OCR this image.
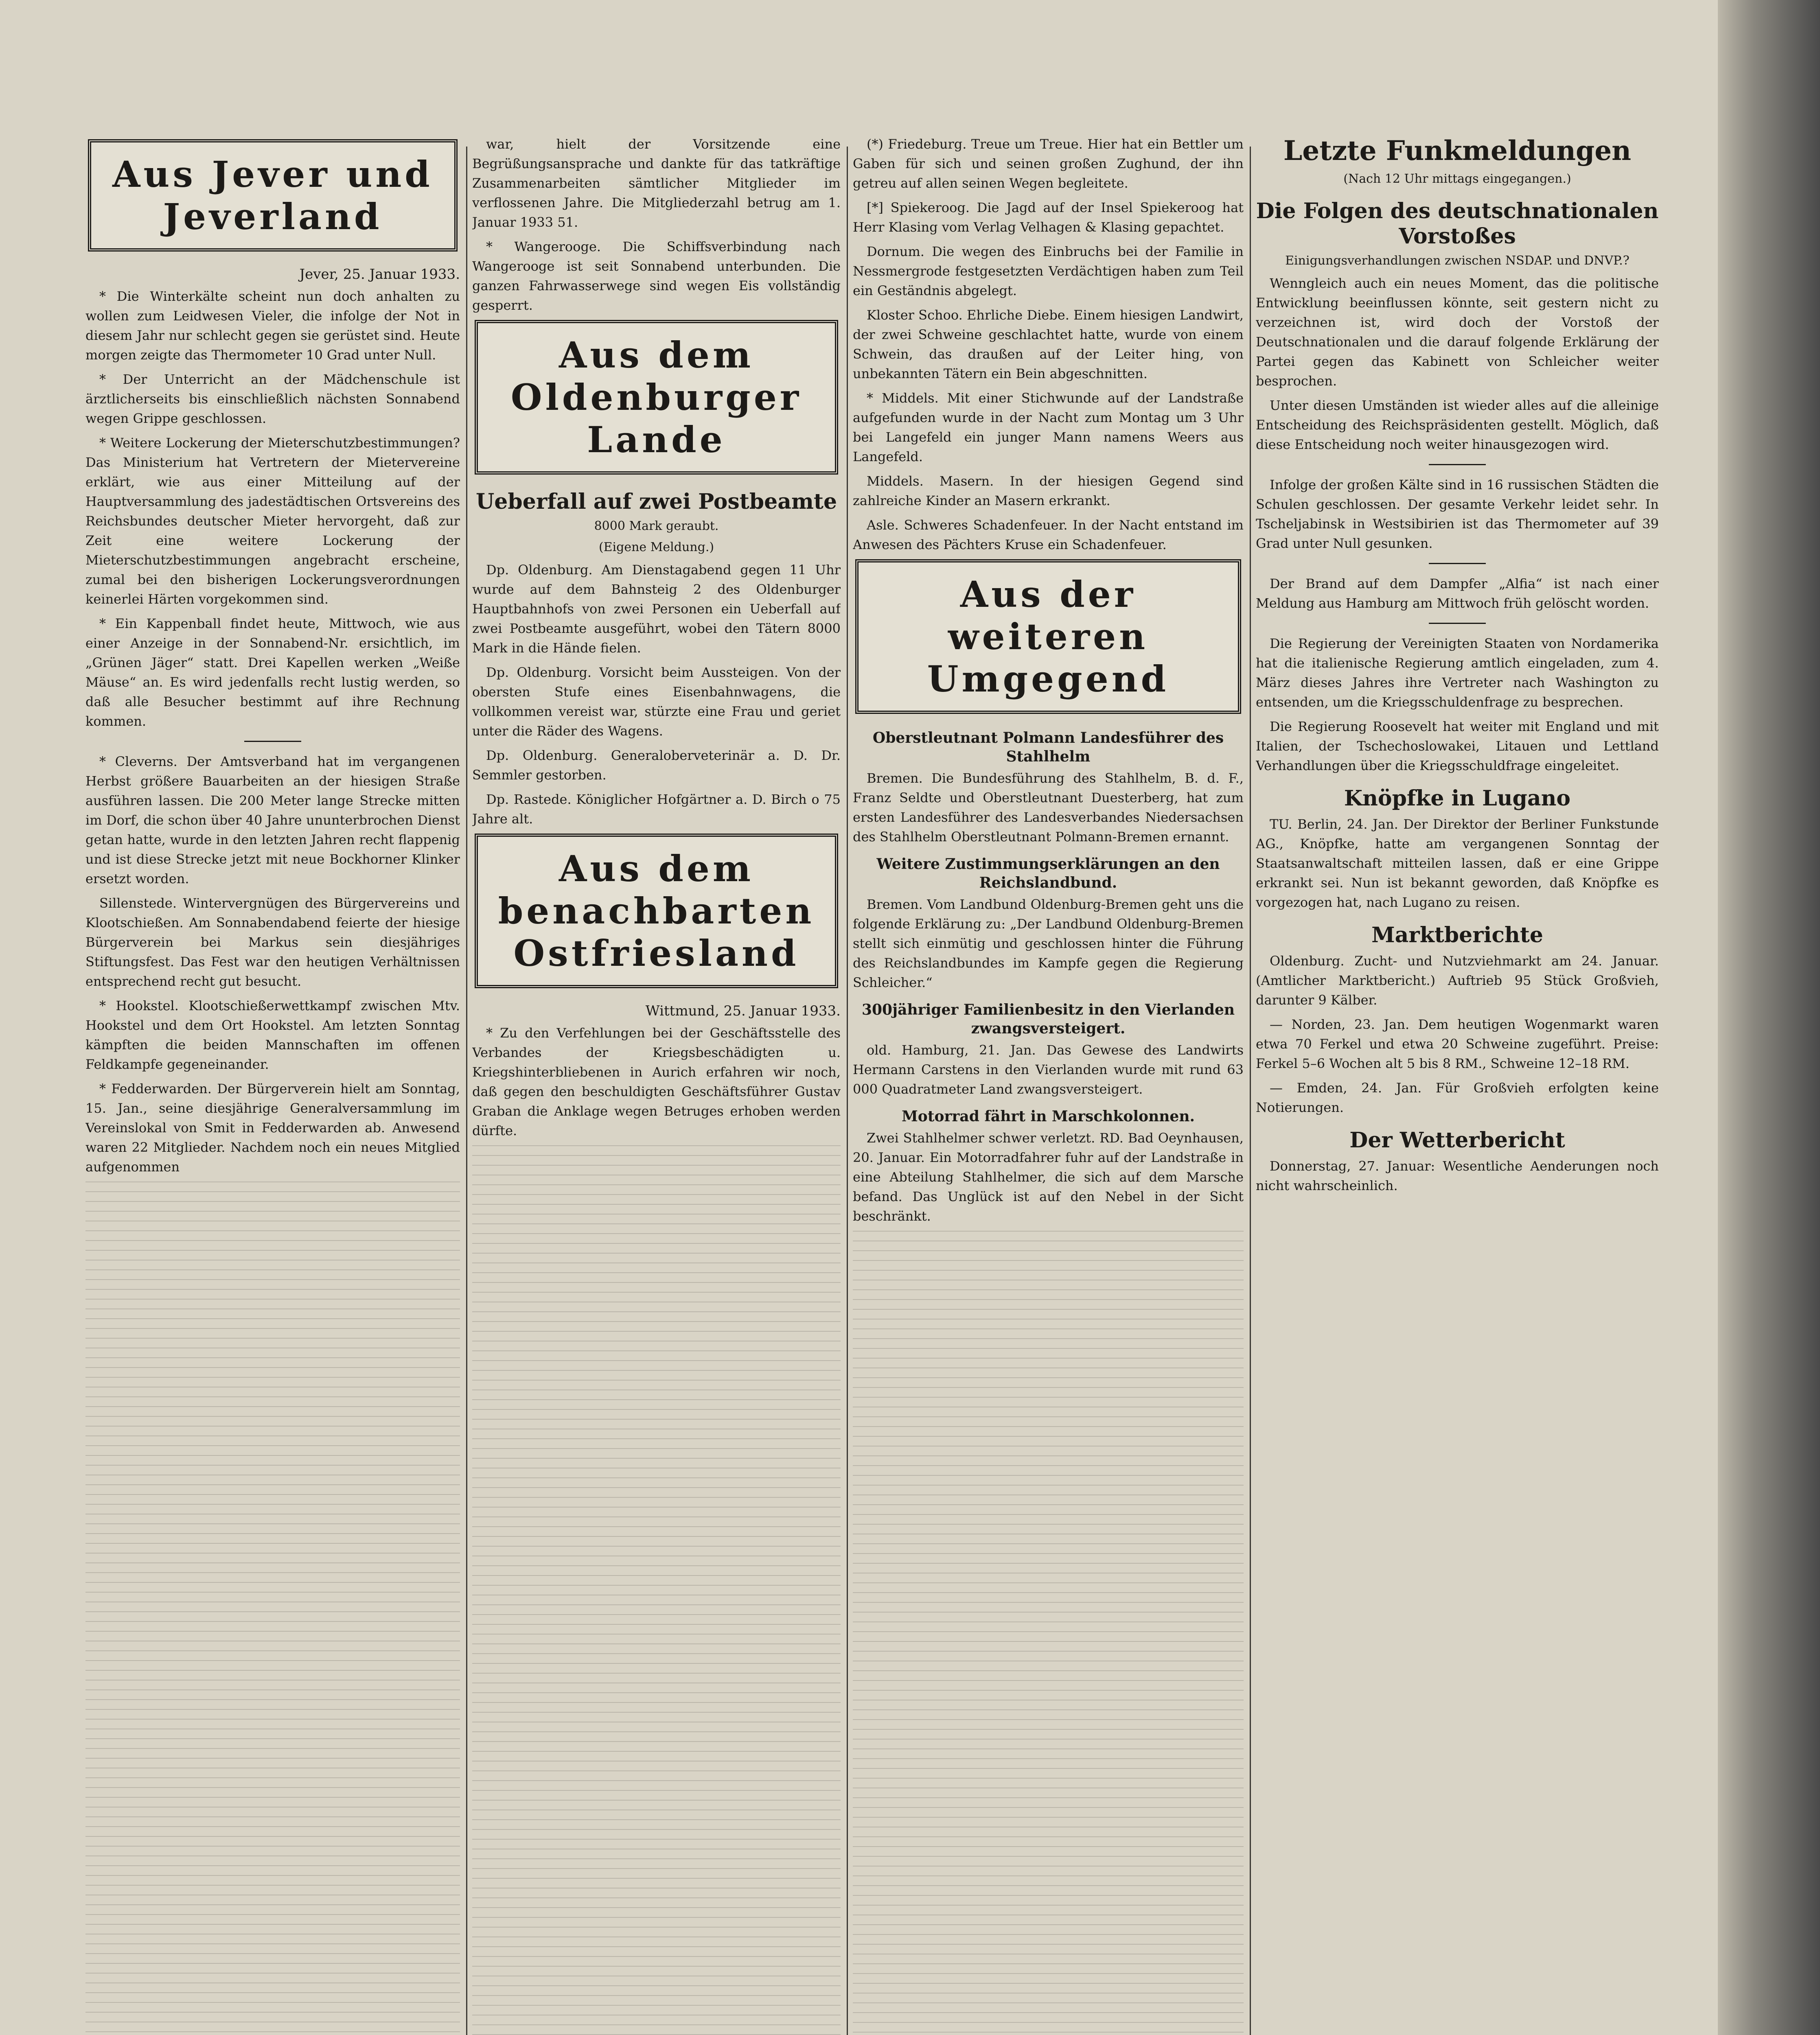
Aus Jever und Jeverland
Jever, 25. Januar 1933.

* Die Winterkälte scheint nun doch anhalten zu wollen zum Leidwesen Vieler, die infolge der Not in diesem Jahr nur schlecht gegen sie gerüstet sind. Heute morgen zeigte das Thermometer 10 Grad unter Null.

* Der Unterricht an der Mädchenschule ist ärztlicherseits bis einschließlich nächsten Sonnabend wegen Grippe geschlossen.

* Weitere Lockerung der Mieterschutzbestimmungen? Das Ministerium hat Vertretern der Mietervereine erklärt, wie aus einer Mitteilung auf der Hauptversammlung des jadestädtischen Ortsvereins des Reichsbundes deutscher Mieter hervorgeht, daß zur Zeit eine weitere Lockerung der Mieterschutzbestimmungen angebracht erscheine, zumal bei den bisherigen Lockerungsverordnungen keinerlei Härten vorgekommen sind.

* Ein Kappenball findet heute, Mittwoch, wie aus einer Anzeige in der Sonnabend-Nr. ersichtlich, im „Grünen Jäger“ statt. Drei Kapellen werken „Weiße Mäuse“ an. Es wird jedenfalls recht lustig werden, so daß alle Besucher bestimmt auf ihre Rechnung kommen.

* Cleverns. Der Amtsverband hat im vergangenen Herbst größere Bauarbeiten an der hiesigen Straße ausführen lassen. Die 200 Meter lange Strecke mitten im Dorf, die schon über 40 Jahre ununterbrochen Dienst getan hatte, wurde in den letzten Jahren recht flappenig und ist diese Strecke jetzt mit neue Bockhorner Klinker ersetzt worden.

Sillenstede. Wintervergnügen des Bürgervereins und Klootschießen. Am Sonnabendabend feierte der hiesige Bürgerverein bei Markus sein diesjähriges Stiftungsfest. Das Fest war den heutigen Verhältnissen entsprechend recht gut besucht.

* Hookstel. Klootschießerwettkampf zwischen Mtv. Hookstel und dem Ort Hookstel. Am letzten Sonntag kämpften die beiden Mannschaften im offenen Feldkampfe gegeneinander.

* Fedderwarden. Der Bürgerverein hielt am Sonntag, 15. Jan., seine diesjährige Generalversammlung im Vereinslokal von Smit in Fedderwarden ab. Anwesend waren 22 Mitglieder. Nachdem noch ein neues Mitglied aufgenommen

war, hielt der Vorsitzende eine Begrüßungsansprache und dankte für das tatkräftige Zusammenarbeiten sämtlicher Mitglieder im verflossenen Jahre. Die Mitgliederzahl betrug am 1. Januar 1933 51.

* Wangerooge. Die Schiffsverbindung nach Wangerooge ist seit Sonnabend unterbunden. Die ganzen Fahrwasserwege sind wegen Eis vollständig gesperrt.

Aus dem Oldenburger Lande
Ueberfall auf zwei Postbeamte
8000 Mark geraubt.
(Eigene Meldung.)

Dp. Oldenburg. Am Dienstagabend gegen 11 Uhr wurde auf dem Bahnsteig 2 des Oldenburger Hauptbahnhofs von zwei Personen ein Ueberfall auf zwei Postbeamte ausgeführt, wobei den Tätern 8000 Mark in die Hände fielen.

Dp. Oldenburg. Vorsicht beim Aussteigen. Von der obersten Stufe eines Eisenbahnwagens, die vollkommen vereist war, stürzte eine Frau und geriet unter die Räder des Wagens.

Dp. Oldenburg. Generaloberveterinär a. D. Dr. Semmler gestorben.

Dp. Rastede. Königlicher Hofgärtner a. D. Birch o 75 Jahre alt.

Aus dem benachbarten Ostfriesland
Wittmund, 25. Januar 1933.

* Zu den Verfehlungen bei der Geschäftsstelle des Verbandes der Kriegsbeschädigten u. Kriegshinterbliebenen in Aurich erfahren wir noch, daß gegen den beschuldigten Geschäftsführer Gustav Graban die Anklage wegen Betruges erhoben werden dürfte.

(*) Friedeburg. Treue um Treue. Hier hat ein Bettler um Gaben für sich und seinen großen Zughund, der ihn getreu auf allen seinen Wegen begleitete.

[*] Spiekeroog. Die Jagd auf der Insel Spiekeroog hat Herr Klasing vom Verlag Velhagen & Klasing gepachtet.

Dornum. Die wegen des Einbruchs bei der Familie in Nessmergrode festgesetzten Verdächtigen haben zum Teil ein Geständnis abgelegt.

Kloster Schoo. Ehrliche Diebe. Einem hiesigen Landwirt, der zwei Schweine geschlachtet hatte, wurde von einem Schwein, das draußen auf der Leiter hing, von unbekannten Tätern ein Bein abgeschnitten.

* Middels. Mit einer Stichwunde auf der Landstraße aufgefunden wurde in der Nacht zum Montag um 3 Uhr bei Langefeld ein junger Mann namens Weers aus Langefeld.

Middels. Masern. In der hiesigen Gegend sind zahlreiche Kinder an Masern erkrankt.

Asle. Schweres Schadenfeuer. In der Nacht entstand im Anwesen des Pächters Kruse ein Schadenfeuer.

Aus der weiteren Umgegend
Oberstleutnant Polmann Landesführer des Stahlhelm

Bremen. Die Bundesführung des Stahlhelm, B. d. F., Franz Seldte und Oberstleutnant Duesterberg, hat zum ersten Landesführer des Landesverbandes Niedersachsen des Stahlhelm Oberstleutnant Polmann-Bremen ernannt.

Weitere Zustimmungserklärungen an den Reichslandbund.

Bremen. Vom Landbund Oldenburg-Bremen geht uns die folgende Erklärung zu: „Der Landbund Oldenburg-Bremen stellt sich einmütig und geschlossen hinter die Führung des Reichslandbundes im Kampfe gegen die Regierung Schleicher.“

300jähriger Familienbesitz in den Vierlanden zwangsversteigert.

old. Hamburg, 21. Jan. Das Gewese des Landwirts Hermann Carstens in den Vierlanden wurde mit rund 63 000 Quadratmeter Land zwangsversteigert.

Motorrad fährt in Marschkolonnen.

Zwei Stahlhelmer schwer verletzt. RD. Bad Oeynhausen, 20. Januar. Ein Motorradfahrer fuhr auf der Landstraße in eine Abteilung Stahlhelmer, die sich auf dem Marsche befand. Das Unglück ist auf den Nebel in der Sicht beschränkt.

Letzte Funkmeldungen
(Nach 12 Uhr mittags eingegangen.)
Die Folgen des deutschnationalen Vorstoßes
Einigungsverhandlungen zwischen NSDAP. und DNVP.?

Wenngleich auch ein neues Moment, das die politische Entwicklung beeinflussen könnte, seit gestern nicht zu verzeichnen ist, wird doch der Vorstoß der Deutschnationalen und die darauf folgende Erklärung der Partei gegen das Kabinett von Schleicher weiter besprochen.

Unter diesen Umständen ist wieder alles auf die alleinige Entscheidung des Reichspräsidenten gestellt. Möglich, daß diese Entscheidung noch weiter hinausgezogen wird.

Infolge der großen Kälte sind in 16 russischen Städten die Schulen geschlossen. Der gesamte Verkehr leidet sehr. In Tscheljabinsk in Westsibirien ist das Thermometer auf 39 Grad unter Null gesunken.

Der Brand auf dem Dampfer „Alfia“ ist nach einer Meldung aus Hamburg am Mittwoch früh gelöscht worden.

Die Regierung der Vereinigten Staaten von Nordamerika hat die italienische Regierung amtlich eingeladen, zum 4. März dieses Jahres ihre Vertreter nach Washington zu entsenden, um die Kriegsschuldenfrage zu besprechen.

Die Regierung Roosevelt hat weiter mit England und mit Italien, der Tschechoslowakei, Litauen und Lettland Verhandlungen über die Kriegsschuldfrage eingeleitet.

Knöpfke in Lugano

TU. Berlin, 24. Jan. Der Direktor der Berliner Funkstunde AG., Knöpfke, hatte am vergangenen Sonntag der Staatsanwaltschaft mitteilen lassen, daß er eine Grippe erkrankt sei. Nun ist bekannt geworden, daß Knöpfke es vorgezogen hat, nach Lugano zu reisen.

Marktberichte

Oldenburg. Zucht- und Nutzviehmarkt am 24. Januar. (Amtlicher Marktbericht.) Auftrieb 95 Stück Großvieh, darunter 9 Kälber.

— Norden, 23. Jan. Dem heutigen Wogenmarkt waren etwa 70 Ferkel und etwa 20 Schweine zugeführt. Preise: Ferkel 5–6 Wochen alt 5 bis 8 RM., Schweine 12–18 RM.

— Emden, 24. Jan. Für Großvieh erfolgten keine Notierungen.

Der Wetterbericht

Donnerstag, 27. Januar: Wesentliche Aenderungen noch nicht wahrscheinlich.
